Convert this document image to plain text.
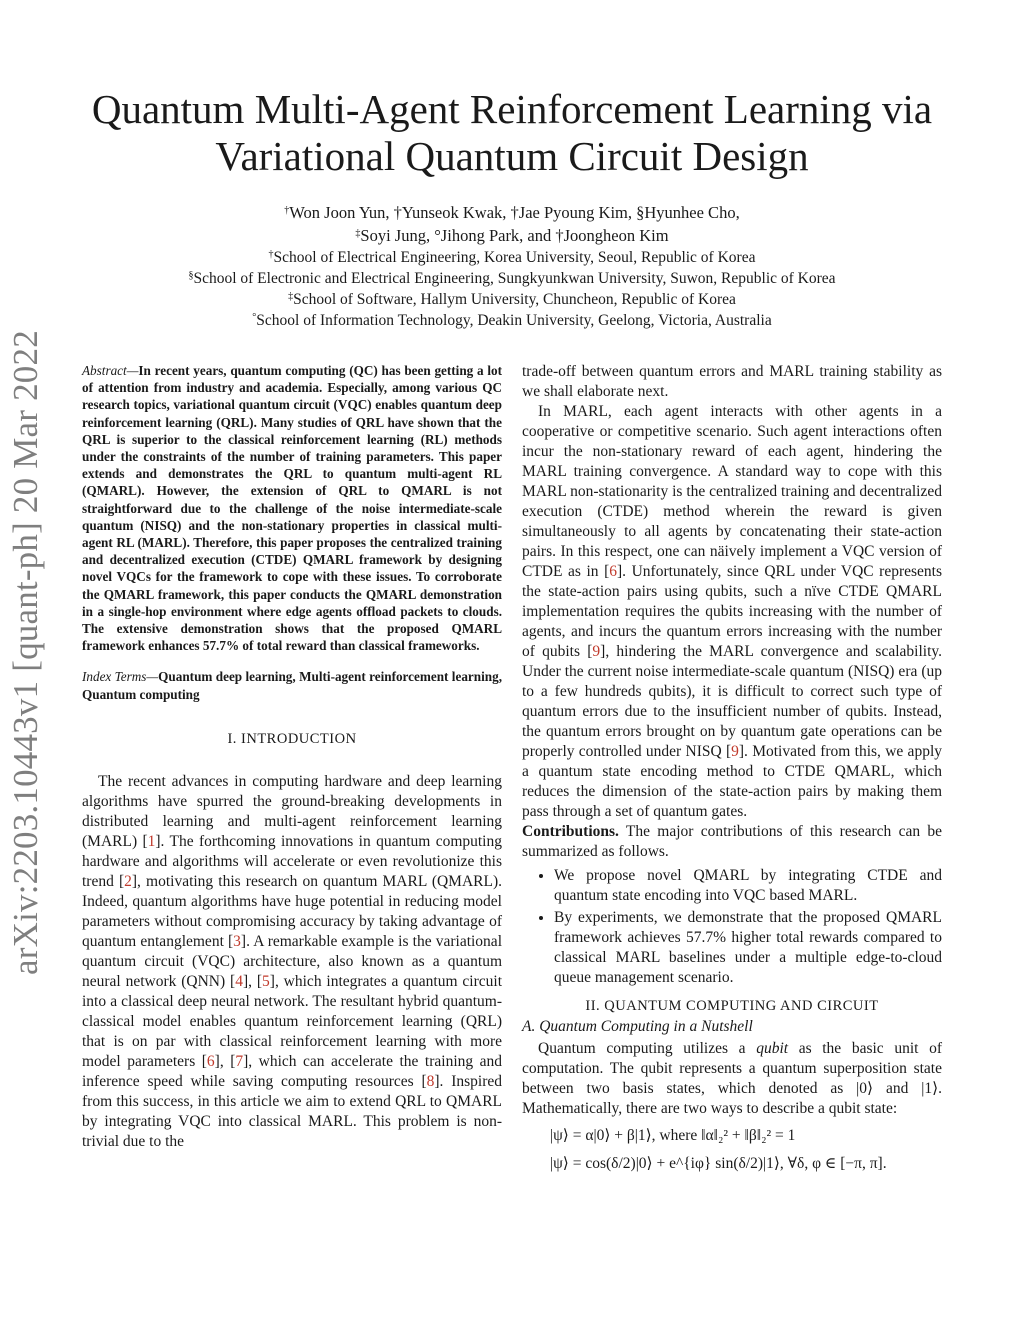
arXiv:2203.10443v1 [quant-ph] 20 Mar 2022
Quantum Multi-Agent Reinforcement Learning via
Variational Quantum Circuit Design
†Won Joon Yun, †Yunseok Kwak, †Jae Pyoung Kim, §Hyunhee Cho,
‡Soyi Jung, °Jihong Park, and †Joongheon Kim
†School of Electrical Engineering, Korea University, Seoul, Republic of Korea
§School of Electronic and Electrical Engineering, Sungkyunkwan University, Suwon, Republic of Korea
‡School of Software, Hallym University, Chuncheon, Republic of Korea
°School of Information Technology, Deakin University, Geelong, Victoria, Australia

Abstract—In recent years, quantum computing (QC) has been getting a lot of attention from industry and academia. Especially, among various QC research topics, variational quantum circuit (VQC) enables quantum deep reinforcement learning (QRL). Many studies of QRL have shown that the QRL is superior to the classical reinforcement learning (RL) methods under the constraints of the number of training parameters. This paper extends and demonstrates the QRL to quantum multi-agent RL (QMARL). However, the extension of QRL to QMARL is not straightforward due to the challenge of the noise intermediate-scale quantum (NISQ) and the non-stationary properties in classical multi-agent RL (MARL). Therefore, this paper proposes the centralized training and decentralized execution (CTDE) QMARL framework by designing novel VQCs for the framework to cope with these issues. To corroborate the QMARL framework, this paper conducts the QMARL demonstration in a single-hop environment where edge agents offload packets to clouds. The extensive demonstration shows that the proposed QMARL framework enhances 57.7% of total reward than classical frameworks.

Index Terms—Quantum deep learning, Multi-agent reinforcement learning, Quantum computing

I. INTRODUCTION

The recent advances in computing hardware and deep learning algorithms have spurred the ground-breaking developments in distributed learning and multi-agent reinforcement learning (MARL) [1]. The forthcoming innovations in quantum computing hardware and algorithms will accelerate or even revolutionize this trend [2], motivating this research on quantum MARL (QMARL). Indeed, quantum algorithms have huge potential in reducing model parameters without compromising accuracy by taking advantage of quantum entanglement [3]. A remarkable example is the variational quantum circuit (VQC) architecture, also known as a quantum neural network (QNN) [4], [5], which integrates a quantum circuit into a classical deep neural network. The resultant hybrid quantum-classical model enables quantum reinforcement learning (QRL) that is on par with classical reinforcement learning with more model parameters [6], [7], which can accelerate the training and inference speed while saving computing resources [8]. Inspired from this success, in this article we aim to extend QRL to QMARL by integrating VQC into classical MARL. This problem is non-trivial due to the

trade-off between quantum errors and MARL training stability as we shall elaborate next.

In MARL, each agent interacts with other agents in a cooperative or competitive scenario. Such agent interactions often incur the non-stationary reward of each agent, hindering the MARL training convergence. A standard way to cope with this MARL non-stationarity is the centralized training and decentralized execution (CTDE) method wherein the reward is given simultaneously to all agents by concatenating their state-action pairs. In this respect, one can näively implement a VQC version of CTDE as in [6]. Unfortunately, since QRL under VQC represents the state-action pairs using qubits, such a nïve CTDE QMARL implementation requires the qubits increasing with the number of agents, and incurs the quantum errors increasing with the number of qubits [9], hindering the MARL convergence and scalability. Under the current noise intermediate-scale quantum (NISQ) era (up to a few hundreds qubits), it is difficult to correct such type of quantum errors due to the insufficient number of qubits. Instead, the quantum errors brought on by quantum gate operations can be properly controlled under NISQ [9]. Motivated from this, we apply a quantum state encoding method to CTDE QMARL, which reduces the dimension of the state-action pairs by making them pass through a set of quantum gates.

Contributions. The major contributions of this research can be summarized as follows.

• We propose novel QMARL by integrating CTDE and quantum state encoding into VQC based MARL.
• By experiments, we demonstrate that the proposed QMARL framework achieves 57.7% higher total rewards compared to classical MARL baselines under a multiple edge-to-cloud queue management scenario.
II. QUANTUM COMPUTING AND CIRCUIT
A. Quantum Computing in a Nutshell

Quantum computing utilizes a qubit as the basic unit of computation. The qubit represents a quantum superposition state between two basis states, which denoted as |0⟩ and |1⟩. Mathematically, there are two ways to describe a qubit state:

|ψ⟩ = α|0⟩ + β|1⟩, where ‖α‖₂² + ‖β‖₂² = 1
|ψ⟩ = cos(δ/2)|0⟩ + e^{iφ} sin(δ/2)|1⟩, ∀δ, φ ∈ [−π, π].
